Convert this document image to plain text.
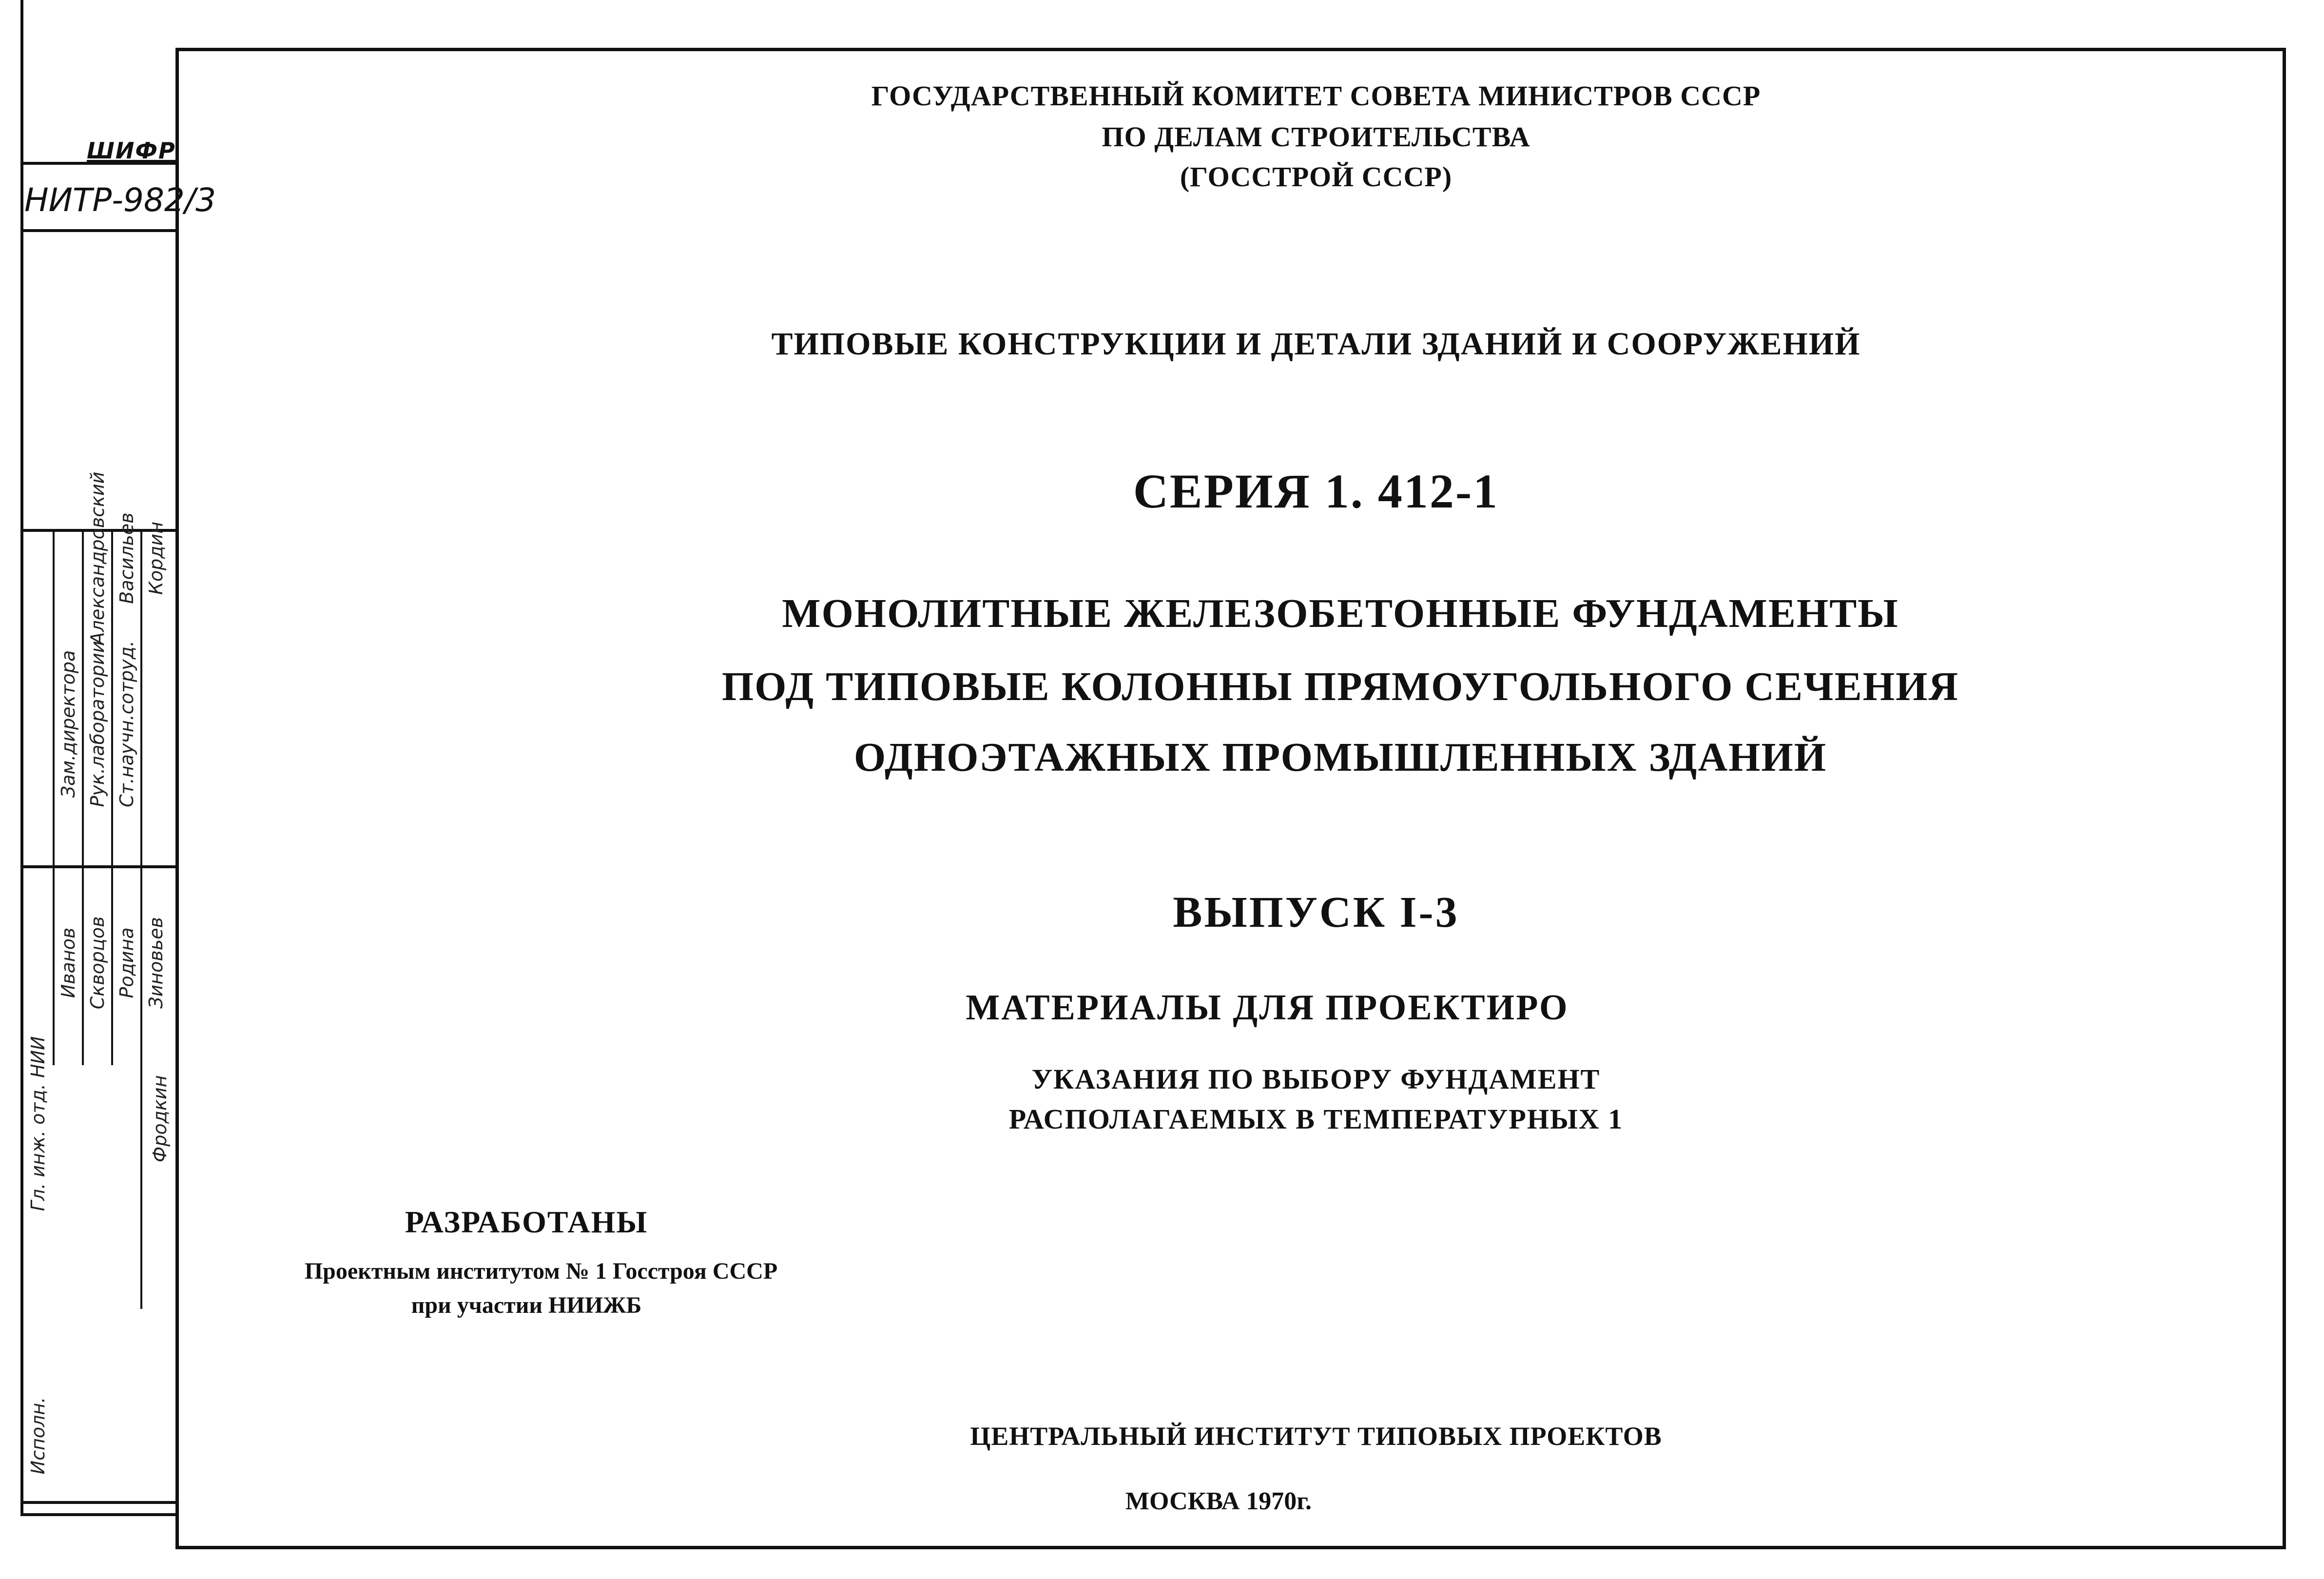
ШИФР
НИТР-982/3
Гл. инж. отд. НИИ
Зам.директора Рук.лаборатории Ст.научн.сотруд.
Александровский Васильев Кордин
Исполн.
Иванов Скворцов Родина Зиновьев
Фродкин
ГОСУДАРСТВЕННЫЙ КОМИТЕТ СОВЕТА МИНИСТРОВ СССР
ПО ДЕЛАМ СТРОИТЕЛЬСТВА
(ГОССТРОЙ СССР)
ТИПОВЫЕ КОНСТРУКЦИИ И ДЕТАЛИ ЗДАНИЙ И СООРУЖЕНИЙ
СЕРИЯ 1. 412-1
МОНОЛИТНЫЕ ЖЕЛЕЗОБЕТОННЫЕ ФУНДАМЕНТЫ
ПОД ТИПОВЫЕ КОЛОННЫ ПРЯМОУГОЛЬНОГО СЕЧЕНИЯ
ОДНОЭТАЖНЫХ ПРОМЫШЛЕННЫХ ЗДАНИЙ
ВЫПУСК I-3
МАТЕРИАЛЫ ДЛЯ ПРОЕКТИРО
УКАЗАНИЯ ПО ВЫБОРУ ФУНДАМЕНТ
РАСПОЛАГАЕМЫХ В ТЕМПЕРАТУРНЫХ 1
РАЗРАБОТАНЫ
Проектным институтом № 1 Госстроя СССР
при участии НИИЖБ
ЦЕНТРАЛЬНЫЙ ИНСТИТУТ ТИПОВЫХ ПРОЕКТОВ
МОСКВА 1970г.
